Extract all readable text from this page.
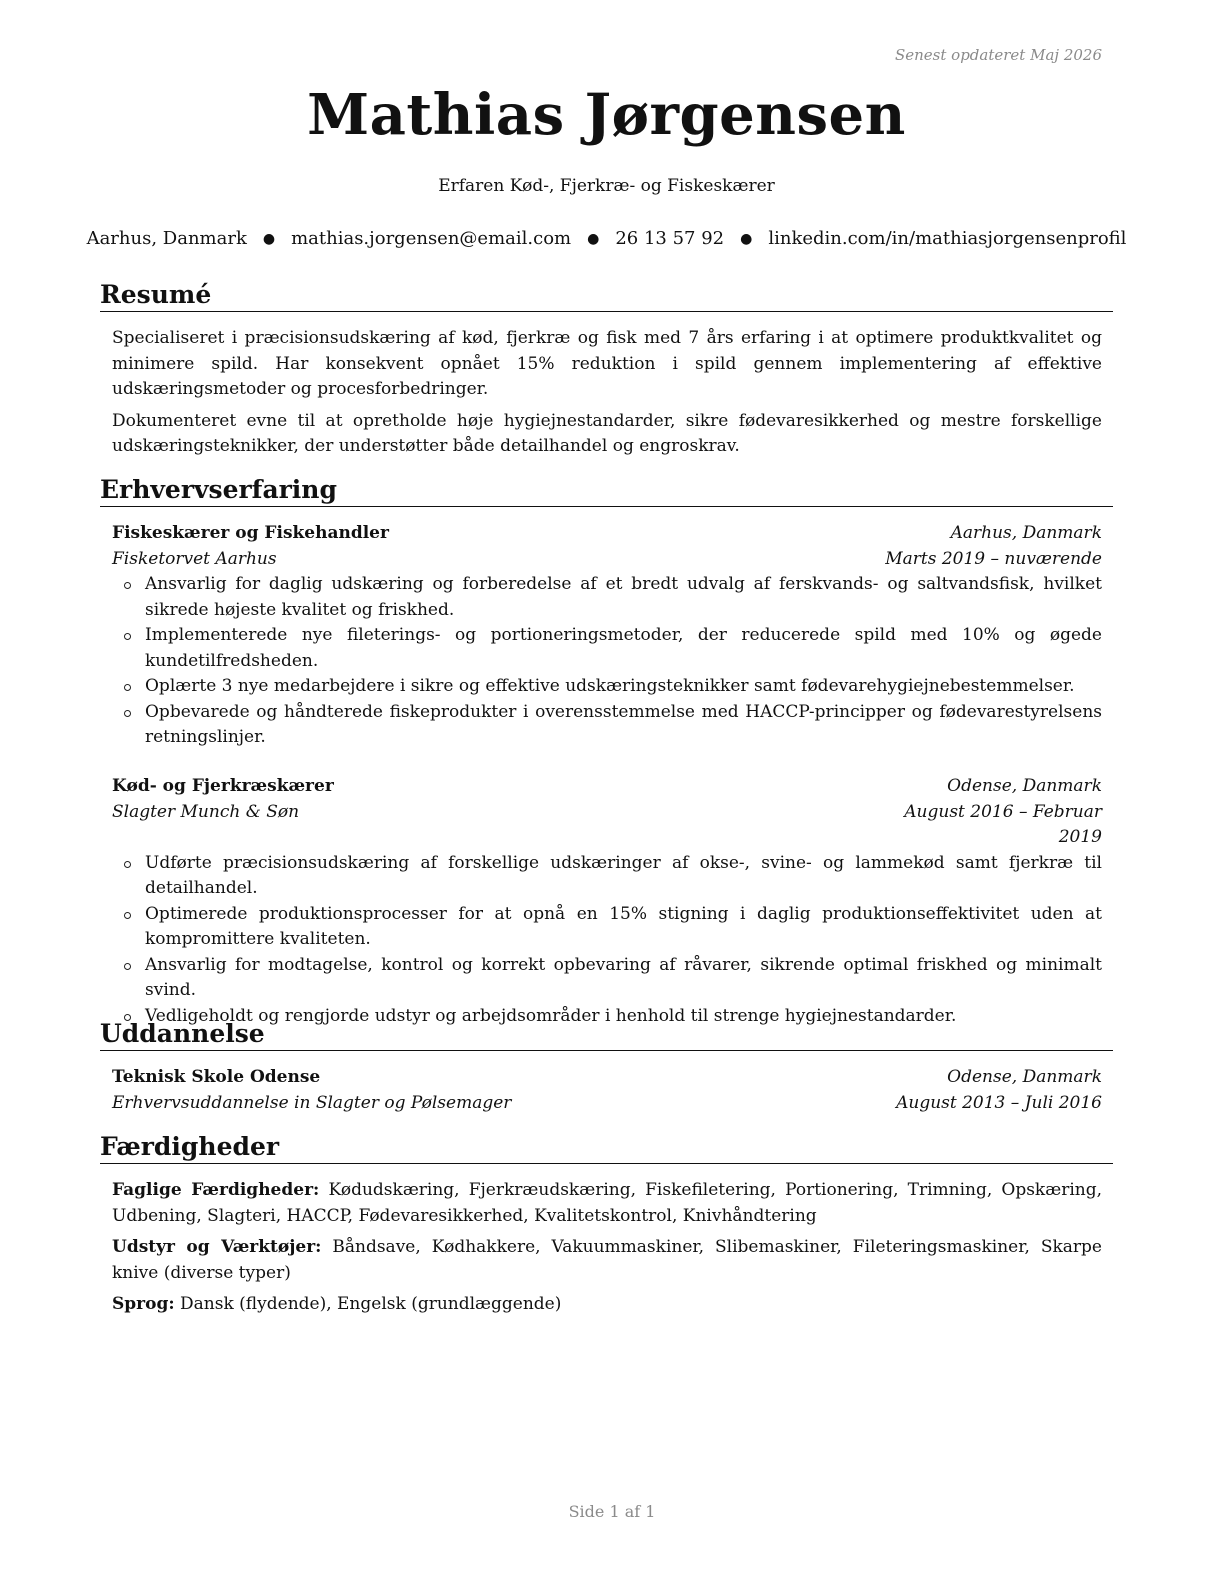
Senest opdateret Maj 2026
Mathias Jørgensen
Erfaren Kød-, Fjerkræ- og Fiskeskærer
Aarhus, Danmark ● mathias.jorgensen@email.com ● 26 13 57 92 ● linkedin.com/in/mathiasjorgensenprofil
Resumé

Specialiseret i præcisionsudskæring af kød, fjerkræ og fisk med 7 års erfaring i at optimere produktkvalitet og minimere spild. Har konsekvent opnået 15% reduktion i spild gennem implementering af effektive udskæringsmetoder og procesforbedringer.

Dokumenteret evne til at opretholde høje hygiejnestandarder, sikre fødevaresikkerhed og mestre forskellige udskæringsteknikker, der understøtter både detailhandel og engroskrav.

Erhvervserfaring
Fiskeskærer og Fiskehandler	Aarhus, Danmark
Fisketorvet Aarhus	Marts 2019 – nuværende
Ansvarlig for daglig udskæring og forberedelse af et bredt udvalg af ferskvands- og saltvandsfisk, hvilket sikrede højeste kvalitet og friskhed.
Implementerede nye fileterings- og portioneringsmetoder, der reducerede spild med 10% og øgede kundetilfredsheden.
Oplærte 3 nye medarbejdere i sikre og effektive udskæringsteknikker samt fødevarehygiejnebestemmelser.
Opbevarede og håndterede fiskeprodukter i overensstemmelse med HACCP-principper og fødevarestyrelsens retningslinjer.
Kød- og Fjerkræskærer	Odense, Danmark
Slagter Munch & Søn	August 2016 – Februar 2019
Udførte præcisionsudskæring af forskellige udskæringer af okse-, svine- og lammekød samt fjerkræ til detailhandel.
Optimerede produktionsprocesser for at opnå en 15% stigning i daglig produktionseffektivitet uden at kompromittere kvaliteten.
Ansvarlig for modtagelse, kontrol og korrekt opbevaring af råvarer, sikrende optimal friskhed og minimalt svind.
Vedligeholdt og rengjorde udstyr og arbejdsområder i henhold til strenge hygiejnestandarder.
Uddannelse
Teknisk Skole Odense	Odense, Danmark
Erhvervsuddannelse in Slagter og Pølsemager	August 2013 – Juli 2016
Færdigheder
Faglige Færdigheder: Kødudskæring, Fjerkræudskæring, Fiskefiletering, Portionering, Trimning, Opskæring, Udbening, Slagteri, HACCP, Fødevaresikkerhed, Kvalitetskontrol, Knivhåndtering
Udstyr og Værktøjer: Båndsave, Kødhakkere, Vakuummaskiner, Slibemaskiner, Fileteringsmaskiner, Skarpe knive (diverse typer)
Sprog: Dansk (flydende), Engelsk (grundlæggende)
Side 1 af 1
